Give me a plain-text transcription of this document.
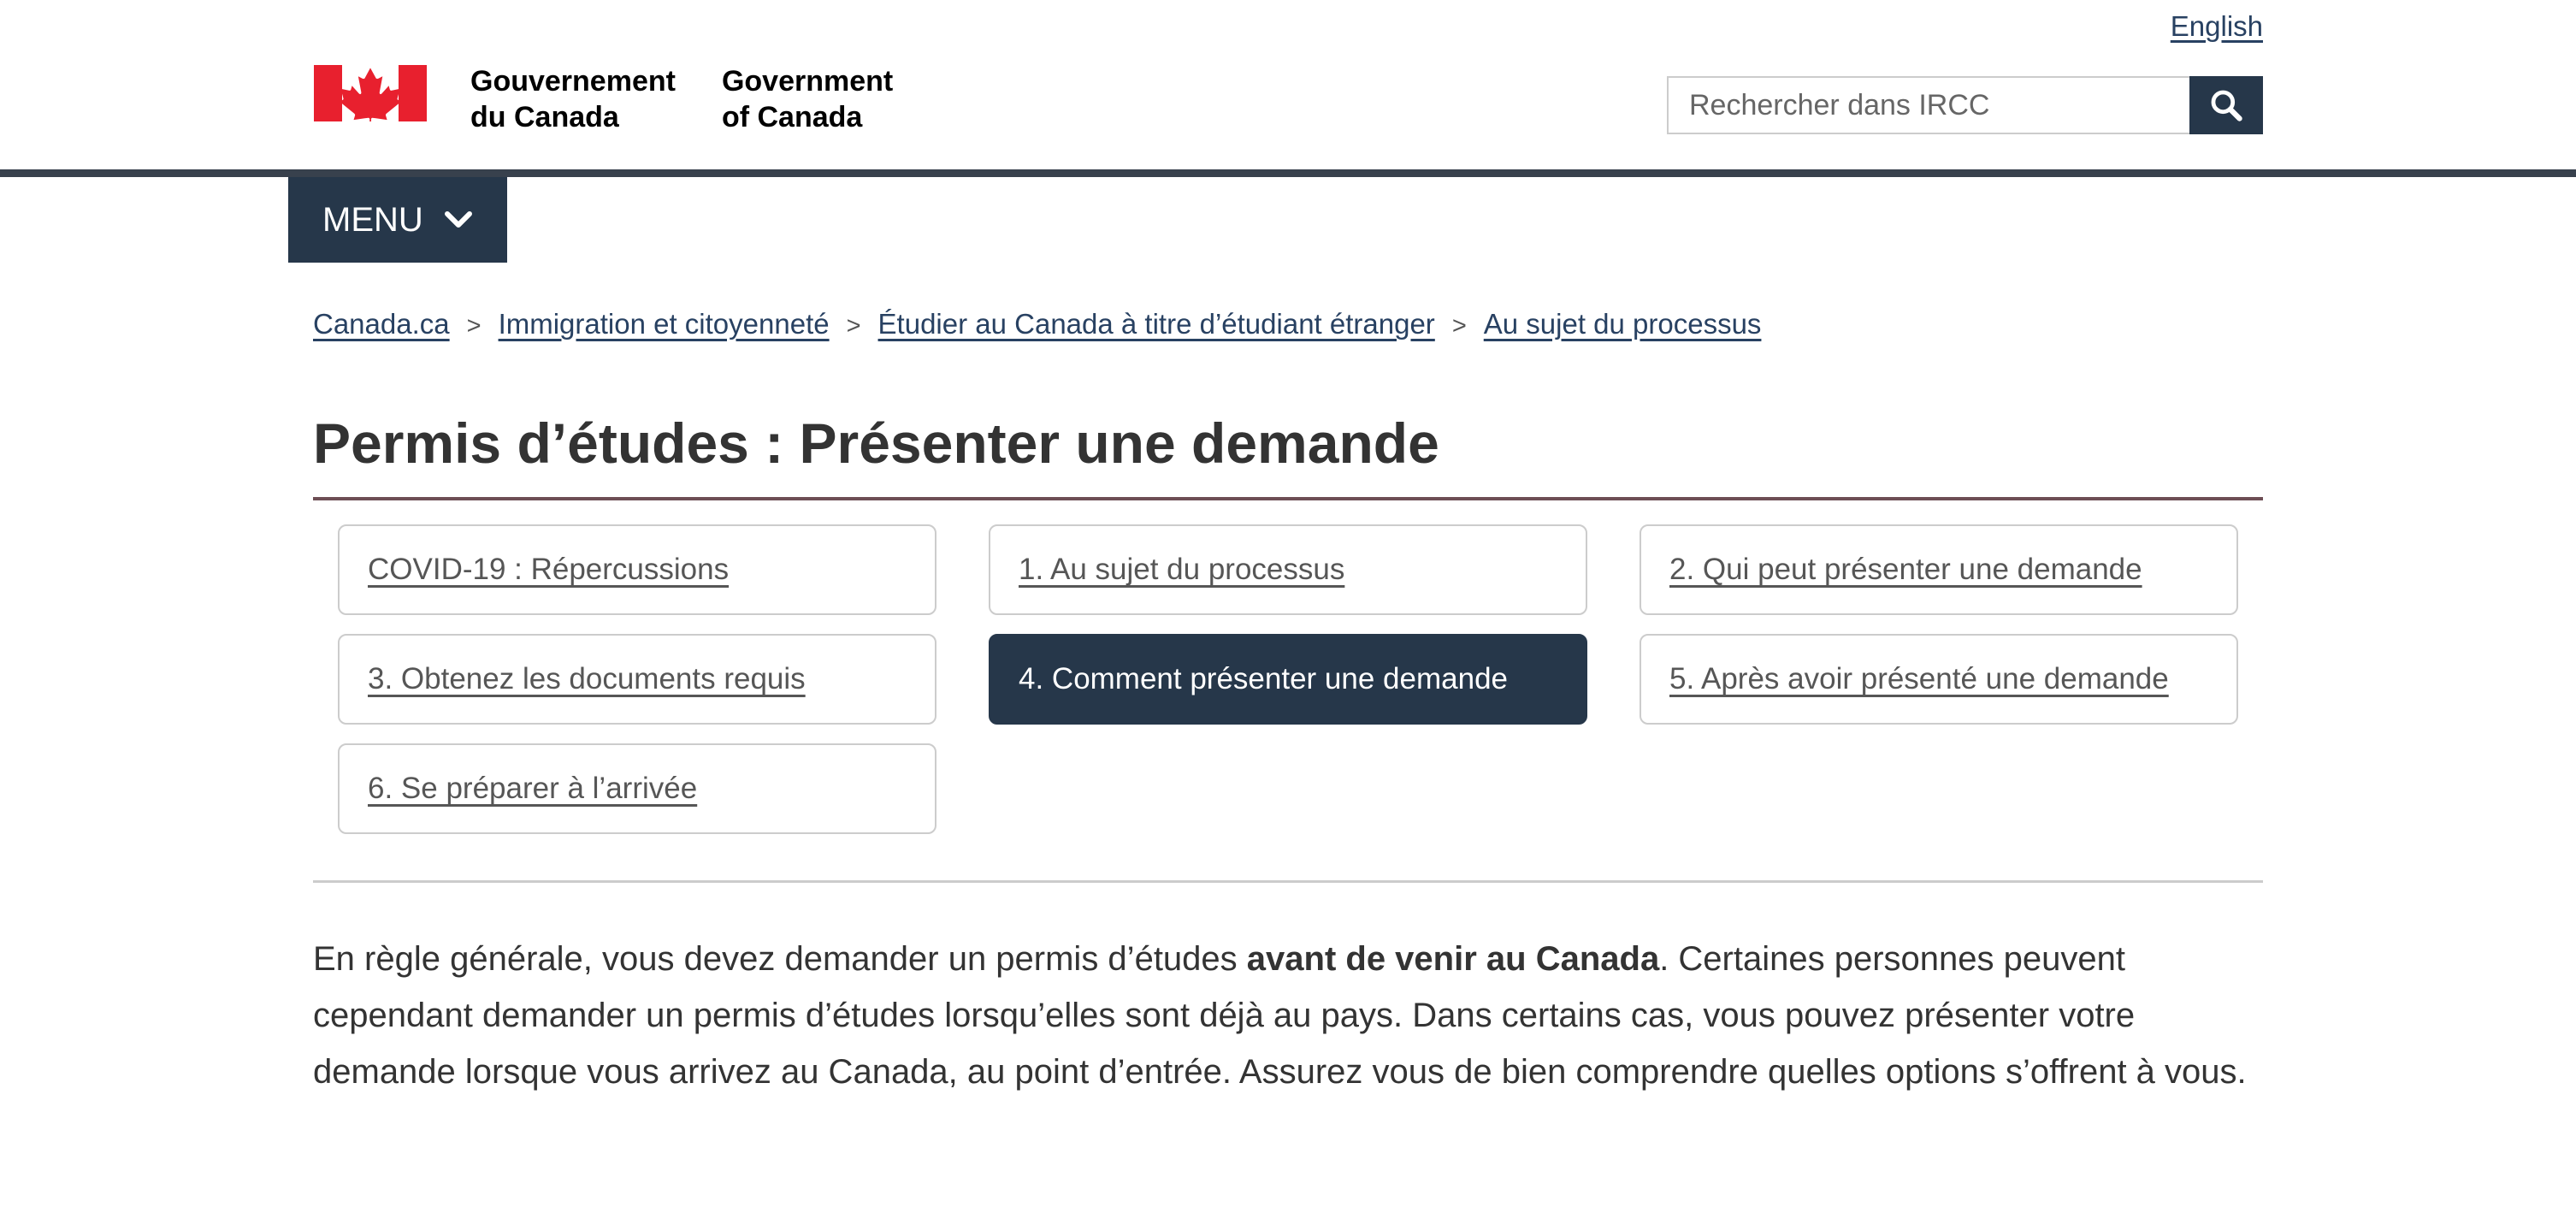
English
Gouvernement
du Canada
Government
of Canada
Rechercher dans IRCC
MENU
Canada.ca > Immigration et citoyenneté > Étudier au Canada à titre d’étudiant étranger > Au sujet du processus
Permis d’études : Présenter une demande
COVID-19 : Répercussions	1. Au sujet du processus	2. Qui peut présenter une demande
3. Obtenez les documents requis	4. Comment présenter une demande	5. Après avoir présenté une demande
6. Se préparer à l’arrivée

En règle générale, vous devez demander un permis d’études avant de venir au Canada. Certaines personnes peuvent cependant demander un permis d’études lorsqu’elles sont déjà au pays. Dans certains cas, vous pouvez présenter votre demande lorsque vous arrivez au Canada, au point d’entrée. Assurez vous de bien comprendre quelles options s’offrent à vous.
